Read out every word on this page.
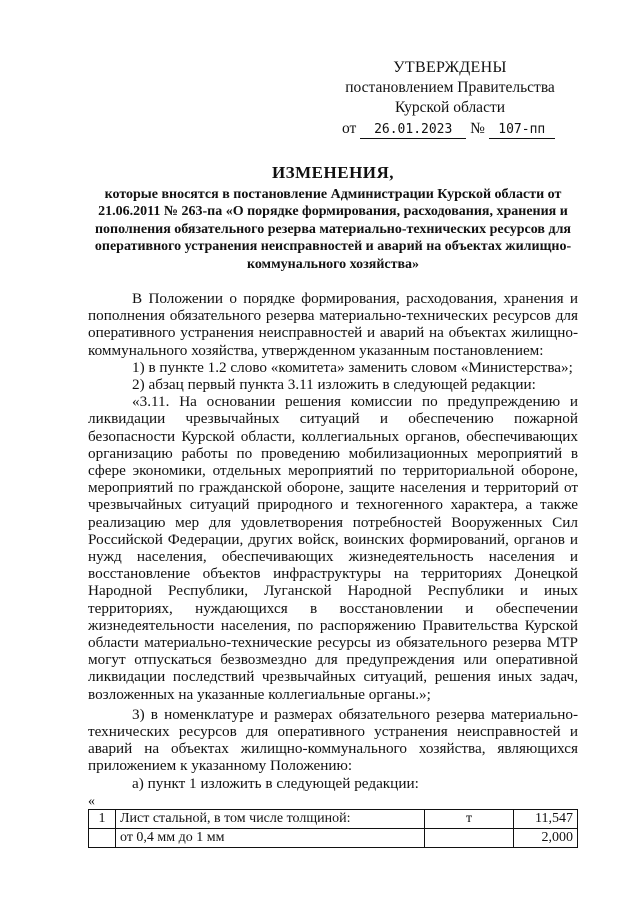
УТВЕРЖДЕНЫ
постановлением Правительства
Курской области
от 26.01.2023 № 107-пп
ИЗМЕНЕНИЯ,
которые вносятся в постановление Администрации Курской области от 21.06.2011 № 263-па «О порядке формирования, расходования, хранения и пополнения обязательного резерва материально-технических ресурсов для оперативного устранения неисправностей и аварий на объектах жилищно-коммунального хозяйства»

В Положении о порядке формирования, расходования, хранения и пополнения обязательного резерва материально-технических ресурсов для оперативного устранения неисправностей и аварий на объектах жилищно-коммунального хозяйства, утвержденном указанным постановлением:

1) в пункте 1.2 слово «комитета» заменить словом «Министерства»;

2) абзац первый пункта 3.11 изложить в следующей редакции:

«3.11. На основании решения комиссии по предупреждению и ликвидации чрезвычайных ситуаций и обеспечению пожарной безопасности Курской области, коллегиальных органов, обеспечивающих организацию работы по проведению мобилизационных мероприятий в сфере экономики, отдельных мероприятий по территориальной обороне, мероприятий по гражданской обороне, защите населения и территорий от чрезвычайных ситуаций природного и техногенного характера, а также реализацию мер для удовлетворения потребностей Вооруженных Сил Российской Федерации, других войск, воинских формирований, органов и нужд населения, обеспечивающих жизнедеятельность населения и восстановление объектов инфраструктуры на территориях Донецкой Народной Республики, Луганской Народной Республики и иных территориях, нуждающихся в восстановлении и обеспечении жизнедеятельности населения, по распоряжению Правительства Курской области материально-технические ресурсы из обязательного резерва МТР могут отпускаться безвозмездно для предупреждения или оперативной ликвидации последствий чрезвычайных ситуаций, решения иных задач, возложенных на указанные коллегиальные органы.»;

3) в номенклатуре и размерах обязательного резерва материально-технических ресурсов для оперативного устранения неисправностей и аварий на объектах жилищно-коммунального хозяйства, являющихся приложением к указанному Положению:

а) пункт 1 изложить в следующей редакции:

«
1	Лист стальной, в том числе толщиной:	т	11,547
	от 0,4 мм до 1 мм		2,000
